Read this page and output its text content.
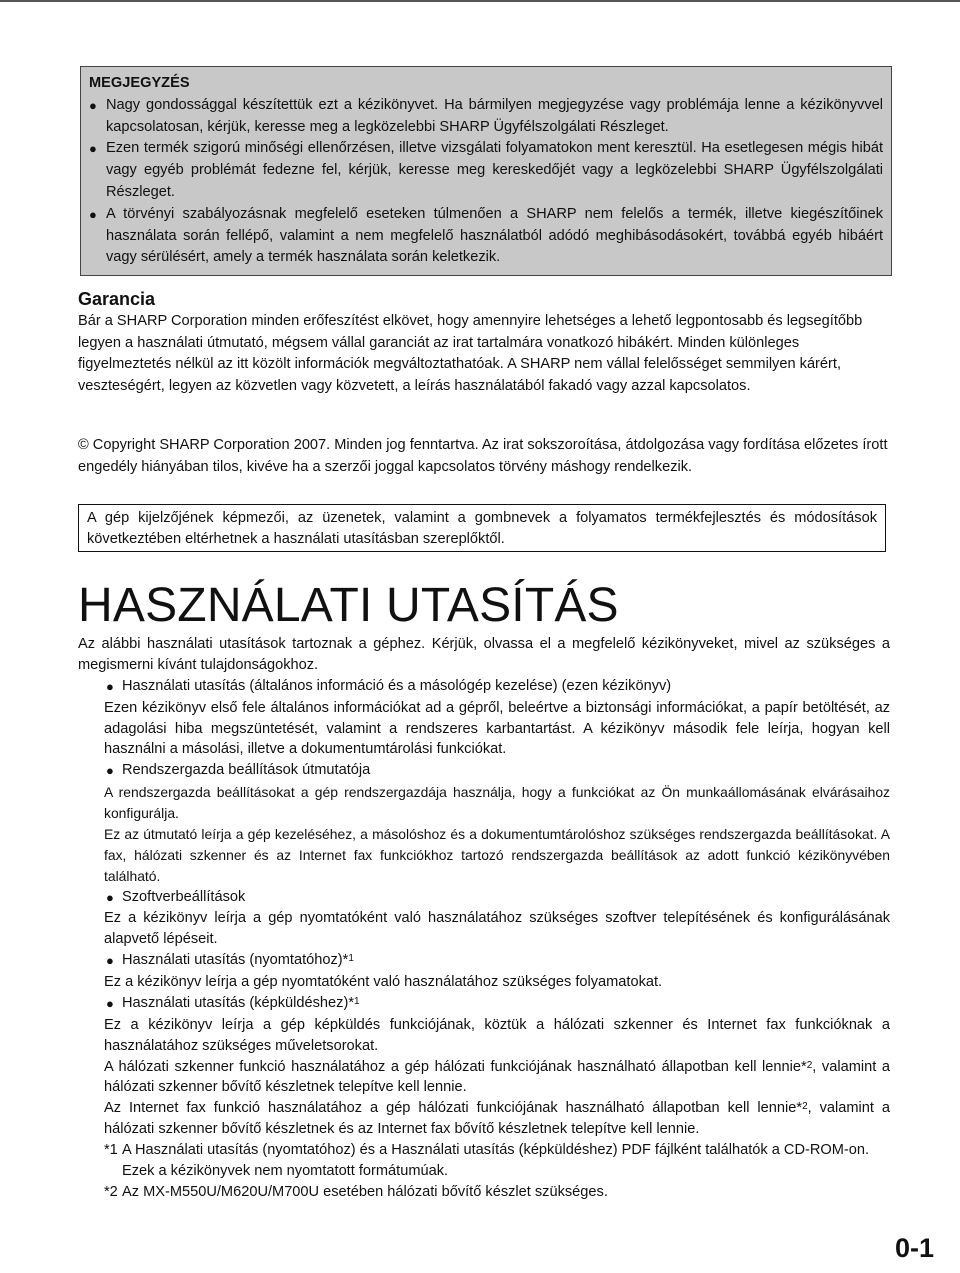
MEGJEGYZÉS
● Nagy gondossággal készítettük ezt a kézikönyvet. Ha bármilyen megjegyzése vagy problémája lenne a kézikönyvvel kapcsolatosan, kérjük, keresse meg a legközelebbi SHARP Ügyfélszolgálati Részleget.
● Ezen termék szigorú minőségi ellenőrzésen, illetve vizsgálati folyamatokon ment keresztül. Ha esetlegesen mégis hibát vagy egyéb problémát fedezne fel, kérjük, keresse meg kereskedőjét vagy a legközelebbi SHARP Ügyfélszolgálati Részleget.
● A törvényi szabályozásnak megfelelő eseteken túlmenően a SHARP nem felelős a termék, illetve kiegészítőinek használata során fellépő, valamint a nem megfelelő használatból adódó meghibásodásokért, továbbá egyéb hibáért vagy sérülésért, amely a termék használata során keletkezik.
Garancia
Bár a SHARP Corporation minden erőfeszítést elkövet, hogy amennyire lehetséges a lehető legpontosabb és legsegítőbb legyen a használati útmutató, mégsem vállal garanciát az irat tartalmára vonatkozó hibákért. Minden különleges figyelmeztetés nélkül az itt közölt információk megváltoztathatóak. A SHARP nem vállal felelősséget semmilyen kárért, veszteségért, legyen az közvetlen vagy közvetett, a leírás használatából fakadó vagy azzal kapcsolatos.
© Copyright SHARP Corporation 2007. Minden jog fenntartva. Az irat sokszoroítása, átdolgozása vagy fordítása előzetes írott engedély hiányában tilos, kivéve ha a szerzői joggal kapcsolatos törvény máshogy rendelkezik.
A gép kijelzőjének képmezői, az üzenetek, valamint a gombnevek a folyamatos termékfejlesztés és módosítások következtében eltérhetnek a használati utasításban szereplőktől.
HASZNÁLATI UTASÍTÁS
Az alábbi használati utasítások tartoznak a géphez. Kérjük, olvassa el a megfelelő kézikönyveket, mivel az szükséges a megismerni kívánt tulajdonságokhoz.
● Használati utasítás (általános információ és a másológép kezelése) (ezen kézikönyv)
Ezen kézikönyv első fele általános információkat ad a gépről, beleértve a biztonsági információkat, a papír betöltését, az adagolási hiba megszüntetését, valamint a rendszeres karbantartást. A kézikönyv második fele leírja, hogyan kell használni a másolási, illetve a dokumentumtárolási funkciókat.
● Rendszergazda beállítások útmutatója
A rendszergazda beállításokat a gép rendszergazdája használja, hogy a funkciókat az Ön munkaállomásának elvárásaihoz konfigurálja.
Ez az útmutató leírja a gép kezeléséhez, a másolóshoz és a dokumentumtárolóshoz szükséges rendszergazda beállításokat. A fax, hálózati szkenner és az Internet fax funkciókhoz tartozó rendszergazda beállítások az adott funkció kézikönyvében található.
● Szoftverbeállítások
Ez a kézikönyv leírja a gép nyomtatóként való használatához szükséges szoftver telepítésének és konfigurálásának alapvető lépéseit.
● Használati utasítás (nyomtatóhoz)*$^1$
Ez a kézikönyv leírja a gép nyomtatóként való használatához szükséges folyamatokat.
● Használati utasítás (képküldéshez)*$^1$
Ez a kézikönyv leírja a gép képküldés funkciójának, köztük a hálózati szkenner és Internet fax funkcióknak a használatához szükséges műveletsorokat.
A hálózati szkenner funkció használatához a gép hálózati funkciójának használható állapotban kell lennie*$^2$, valamint a hálózati szkenner bővítő készletnek telepítve kell lennie.
Az Internet fax funkció használatához a gép hálózati funkciójának használható állapotban kell lennie*$^2$, valamint a hálózati szkenner bővítő készletnek és az Internet fax bővítő készletnek telepítve kell lennie.
*1 A Használati utasítás (nyomtatóhoz) és a Használati utasítás (képküldéshez) PDF fájlként találhatók a CD-ROM-on.
Ezek a kézikönyvek nem nyomtatott formátumúak.
*2 Az MX-M550U/M620U/M700U esetében hálózati bővítő készlet szükséges.
0-1
